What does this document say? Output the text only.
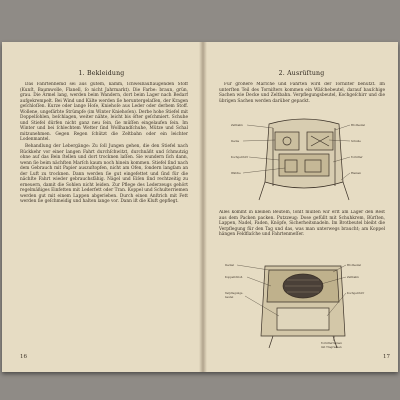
1. Bekleidung

Das Fahrtenhemd sei aus gutem, kamm, ſchweißaufſaugenden Stoff (Kunſt, Baumwolle, Flanell, ſo nicht Jahrmarkt). Die Farbe: braun, grün, grau. Die Ärmel lang, werden beim Wandern, dort beim Lager nach Bedarf aufgekrempelt. Bei Wind und Kälte werden ſie heruntergelaſſen, der Kragen geſchloſſen. Kurze oder lange Hoſe, Kniehoſe aus Leder oder derbem Stoff. Wollene, ungefärbte Strümpfe (im Winter Kniehoſen). Derbe hohe Stiefel mit Doppelſohlen, beſchlagen, weiter nähte, leicht bis öfter geſchmiert. Schuhe und Stiefel dürfen nicht ganz neu ſein, ſie müſſen eingelaufen ſein. Im Winter und bei ſchlechtem Wetter ſind Wollhandſchuhe, Mütze und Schal mitzunehmen. Gegen Regen ſchützt die Zeltbahn oder ein leichter Lodenmantel.

Behandlung der Lebergänge: Zu ſoll Jungen gehen, die den Stiefel nach Rückkehr vor einer langen Fahrt durchſchwitzt, durchnäßt und ſchmutzig ohne auf das Bein ſtellen und dort trocknen laſſen. Sie wundern ſich dann, wenn ſie beim nächſten Marſch kaum noch hinein kommen. Stiefel ſind nach dem Gebrauch mit Papier auszuſtopfen, nicht am Ofen, ſondern langſam an der Luft zu trocknen. Dann werden ſie gut eingefettet und ſind für die nächſte Fahrt wieder gebrauchsfähig. Nägel und Eiſen ſind rechtzeitig zu erneuern, damit die Sohlen nicht leiden. Zur Pflege des Lederzeugs gehört regelmäßiges Einfetten mit Lederfett oder Tran. Koppel und Schulterriemen werden gut mit einem Lappen abgerieben. Durch einen Anſtrich mit Fett werden ſie geſchmeidig und halten lange vor. Dann iſt die Kluft gepflegt.

16
2. Ausrüſtung

Für größere Märſche und Fahrten wird der Torniſter benutzt. Im unterſten Teil des Torniſters kommen ein Wäſchebeutel, darauf bauſchige Sachen wie Decke und Zeltbahn. Verpflegungsbeutel, Kochgeſchirr und die übrigen Sachen werden darüber gepackt.

Zeltbahn
Decke
Kochgeſchirr
Wäſche
Brotbeutel
Schuhe
Torniſter
Riemen

Alles kommt in kleinen Beuteln, ſonſt müſſen wir erſt am Lager den Rest aus dem Packen packen. Putzzeug: Dose gefüllt mit Schuhkrem, Bürſten, Lappen, Nadel, Faden, Knöpfe, Sicherheitsnadeln. Im Brotbeutel bleibt die Verpflegung für den Tag und das, was man unterwegs braucht; am Koppel hängen Feldflaſche und Fahrtenmeſſer.

Deckel
Koppelſchloß
Verpflegungs-
beutel
Brotbeutel
Zeltbahn
Kochgeſchirr
Torniſterriemen
mit Tragriemen
17
